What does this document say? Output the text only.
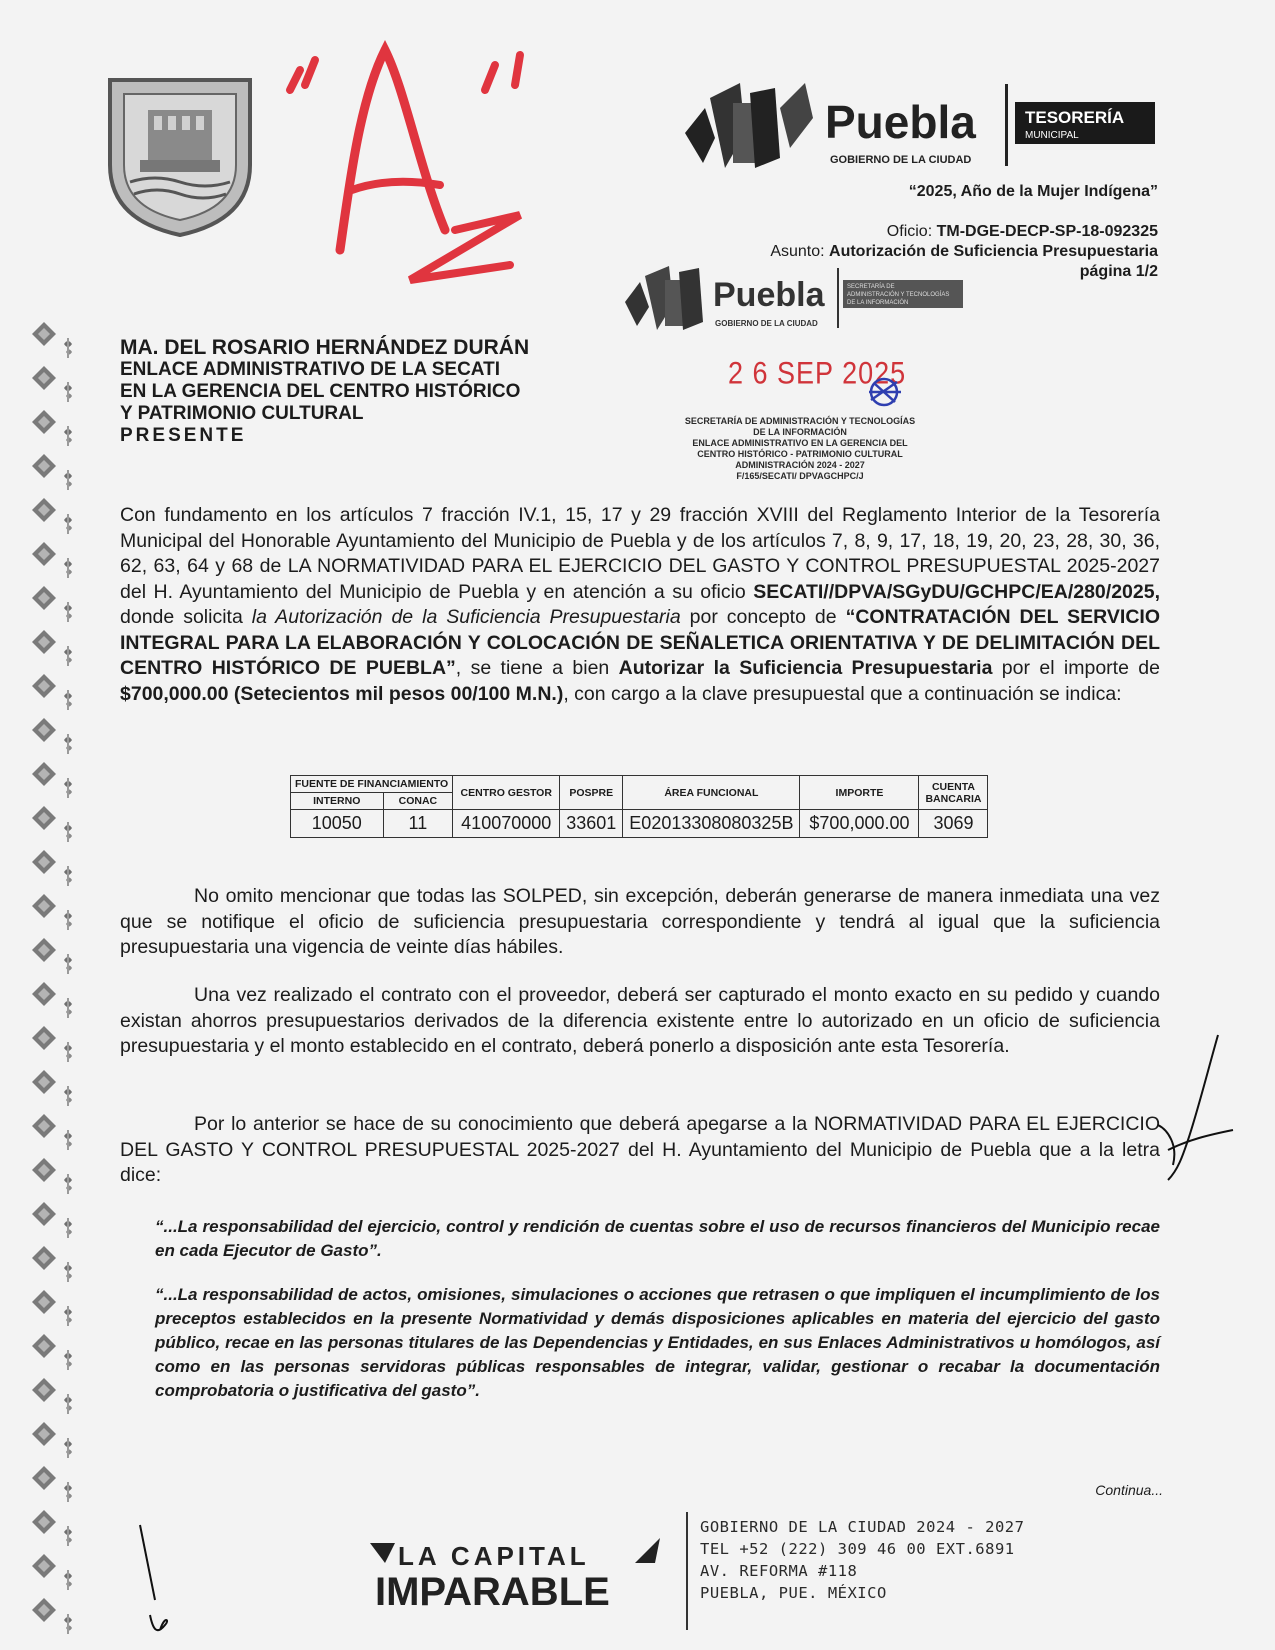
Puebla
GOBIERNO DE LA CIUDAD
TESORERÍA
MUNICIPAL
“2025, Año de la Mujer Indígena”
Oficio: TM-DGE-DECP-SP-18-092325
Asunto: Autorización de Suficiencia Presupuestaria
página 1/2
Puebla
GOBIERNO DE LA CIUDAD
SECRETARÍA DE
ADMINISTRACIÓN Y TECNOLOGÍAS
DE LA INFORMACIÓN
MA. DEL ROSARIO HERNÁNDEZ DURÁN
ENLACE ADMINISTRATIVO DE LA SECATI
EN LA GERENCIA DEL CENTRO HISTÓRICO
Y PATRIMONIO CULTURAL
PRESENTE
2 6 SEP 2025
SECRETARÍA DE ADMINISTRACIÓN Y TECNOLOGÍAS
DE LA INFORMACIÓN
ENLACE ADMINISTRATIVO EN LA GERENCIA DEL
CENTRO HISTÓRICO - PATRIMONIO CULTURAL
ADMINISTRACIÓN 2024 - 2027
F/165/SECATI/ DPVAGCHPC/J
Con fundamento en los artículos 7 fracción IV.1, 15, 17 y 29 fracción XVIII del Reglamento Interior de la Tesorería Municipal del Honorable Ayuntamiento del Municipio de Puebla y de los artículos 7, 8, 9, 17, 18, 19, 20, 23, 28, 30, 36, 62, 63, 64 y 68 de LA NORMATIVIDAD PARA EL EJERCICIO DEL GASTO Y CONTROL PRESUPUESTAL 2025-2027 del H. Ayuntamiento del Municipio de Puebla y en atención a su oficio SECATI//DPVA/SGyDU/GCHPC/EA/280/2025, donde solicita la Autorización de la Suficiencia Presupuestaria por concepto de “CONTRATACIÓN DEL SERVICIO INTEGRAL PARA LA ELABORACIÓN Y COLOCACIÓN DE SEÑALETICA ORIENTATIVA Y DE DELIMITACIÓN DEL CENTRO HISTÓRICO DE PUEBLA”, se tiene a bien Autorizar la Suficiencia Presupuestaria por el importe de $700,000.00 (Setecientos mil pesos 00/100 M.N.), con cargo a la clave presupuestal que a continuación se indica:
FUENTE DE FINANCIAMIENTO		CENTRO GESTOR	POSPRE	ÁREA FUNCIONAL	IMPORTE	CUENTA BANCARIA
INTERNO	CONAC					
10050	11	410070000	33601	E02013308080325B	$700,000.00	3069
No omito mencionar que todas las SOLPED, sin excepción, deberán generarse de manera inmediata una vez que se notifique el oficio de suficiencia presupuestaria correspondiente y tendrá al igual que la suficiencia presupuestaria una vigencia de veinte días hábiles.
Una vez realizado el contrato con el proveedor, deberá ser capturado el monto exacto en su pedido y cuando existan ahorros presupuestarios derivados de la diferencia existente entre lo autorizado en un oficio de suficiencia presupuestaria y el monto establecido en el contrato, deberá ponerlo a disposición ante esta Tesorería.
Por lo anterior se hace de su conocimiento que deberá apegarse a la NORMATIVIDAD PARA EL EJERCICIO DEL GASTO Y CONTROL PRESUPUESTAL 2025-2027 del H. Ayuntamiento del Municipio de Puebla que a la letra dice:
“...La responsabilidad del ejercicio, control y rendición de cuentas sobre el uso de recursos financieros del Municipio recae en cada Ejecutor de Gasto”.
“...La responsabilidad de actos, omisiones, simulaciones o acciones que retrasen o que impliquen el incumplimiento de los preceptos establecidos en la presente Normatividad y demás disposiciones aplicables en materia del ejercicio del gasto público, recae en las personas titulares de las Dependencias y Entidades, en sus Enlaces Administrativos u homólogos, así como en las personas servidoras públicas responsables de integrar, validar, gestionar o recabar la documentación comprobatoria o justificativa del gasto”.
Continua...
LA CAPITAL
IMPARABLE
GOBIERNO DE LA CIUDAD 2024 - 2027
TEL +52 (222) 309 46 00 EXT.6891
AV. REFORMA #118
PUEBLA, PUE. MÉXICO
